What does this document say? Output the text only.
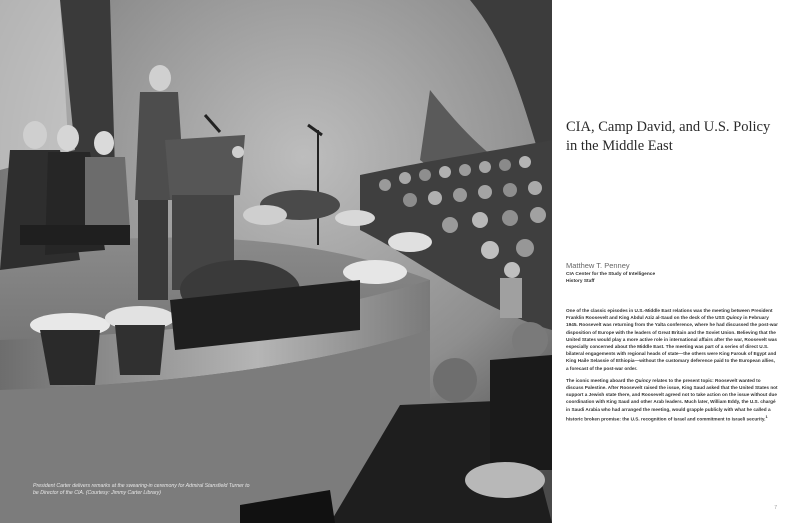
President Carter delivers remarks at the swearing-in ceremony for Admiral Stansfield Turner to be Director of the CIA. (Courtesy: Jimmy Carter Library)

CIA, Camp David, and U.S. Policy in the Middle East

Matthew T. Penney

CIA Center for the Study of Intelligence
History Staff

One of the classic episodes in U.S.-Middle East relations was the meeting between President Franklin Roosevelt and King Abdul Aziz al-Saud on the deck of the USS Quincy in February 1945. Roosevelt was returning from the Yalta conference, where he had discussed the post-war disposition of Europe with the leaders of Great Britain and the Soviet Union. Believing that the United States would play a more active role in international affairs after the war, Roosevelt was especially concerned about the Middle East. The meeting was part of a series of direct U.S. bilateral engagements with regional heads of state—the others were King Farouk of Egypt and King Haile Selassie of Ethiopia—without the customary deference paid to the European allies, a forecast of the post-war order.

The iconic meeting aboard the Quincy relates to the present topic: Roosevelt wanted to discuss Palestine. After Roosevelt raised the issue, King Saud asked that the United States not support a Jewish state there, and Roosevelt agreed not to take action on the issue without due coordination with King Saud and other Arab leaders. Much later, William Eddy, the U.S. chargé in Saudi Arabia who had arranged the meeting, would grapple publicly with what he called a historic broken promise: the U.S. recognition of Israel and commitment to Israeli security.$^1$

7
